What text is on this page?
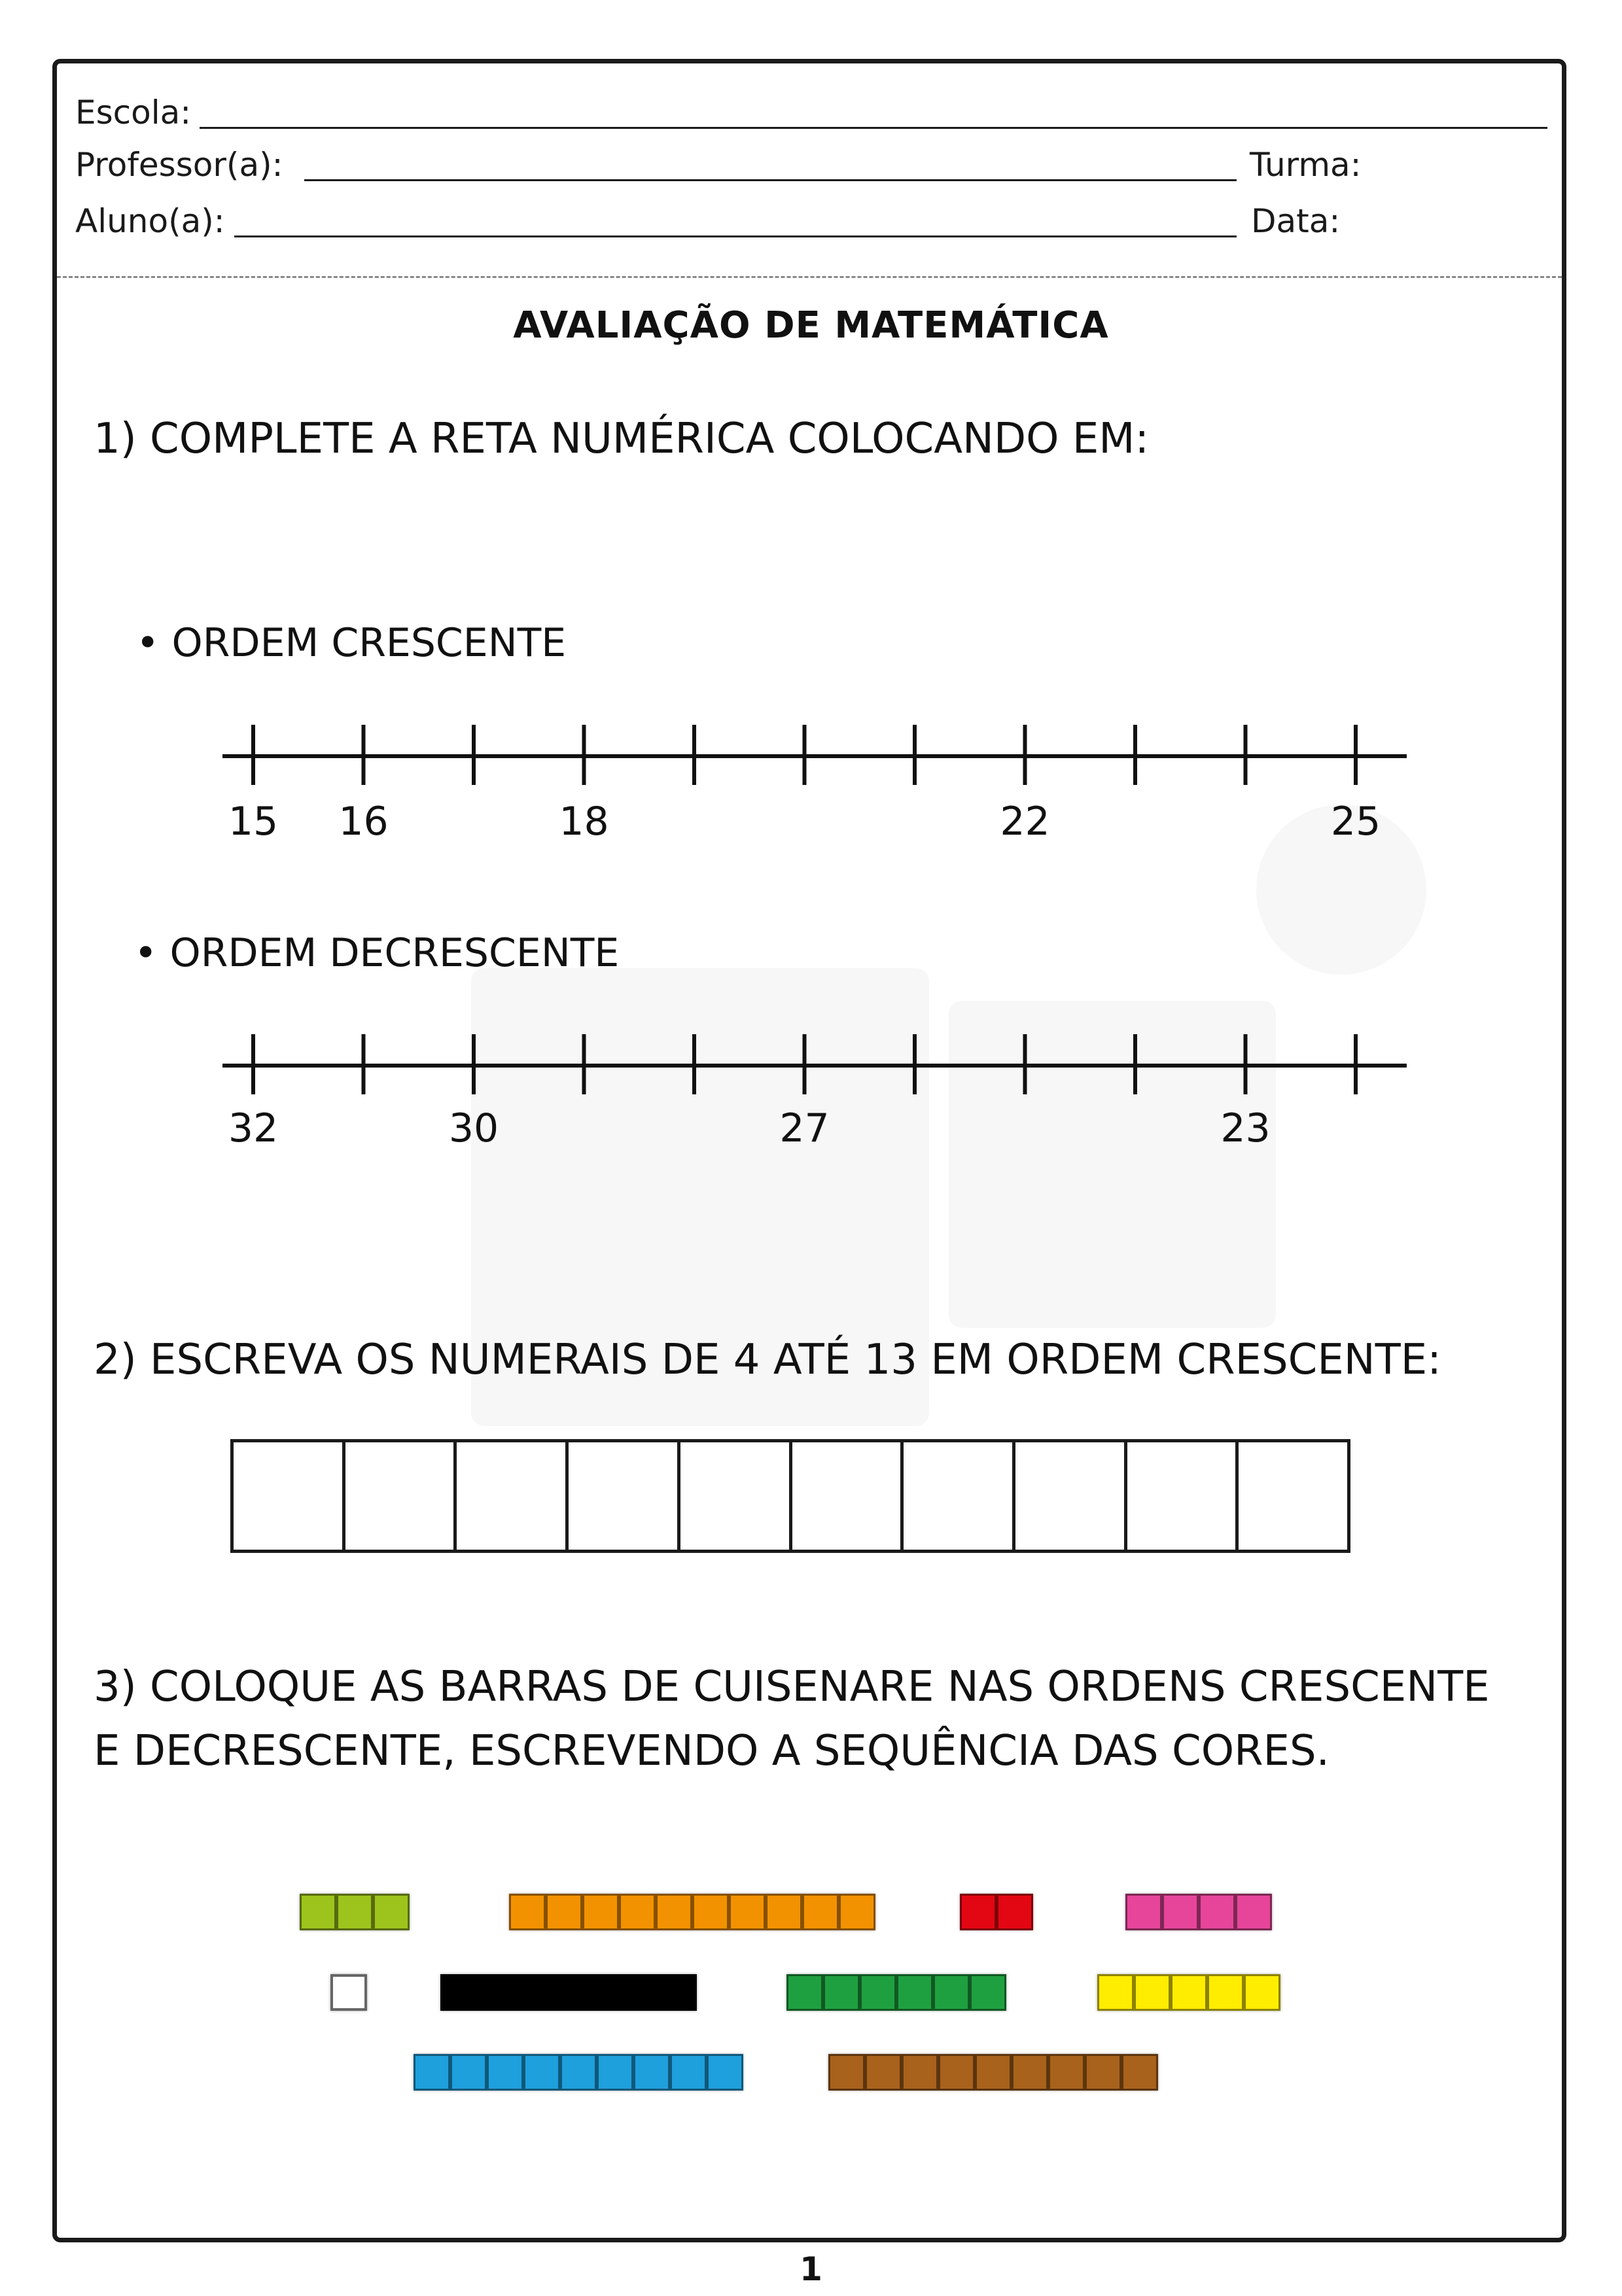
Escola:
Professor(a):	Turma:
Aluno(a):	Data:
AVALIAÇÃO DE MATEMÁTICA
1) COMPLETE A RETA NUMÉRICA COLOCANDO EM:
• ORDEM CRESCENTE
15 16	18	22	25
• ORDEM DECRESCENTE
32	30	27	23
2) ESCREVA OS NUMERAIS DE 4 ATÉ 13 EM ORDEM CRESCENTE:
3) COLOQUE AS BARRAS DE CUISENARE NAS ORDENS CRESCENTE
E DECRESCENTE, ESCREVENDO A SEQUÊNCIA DAS CORES.
1
